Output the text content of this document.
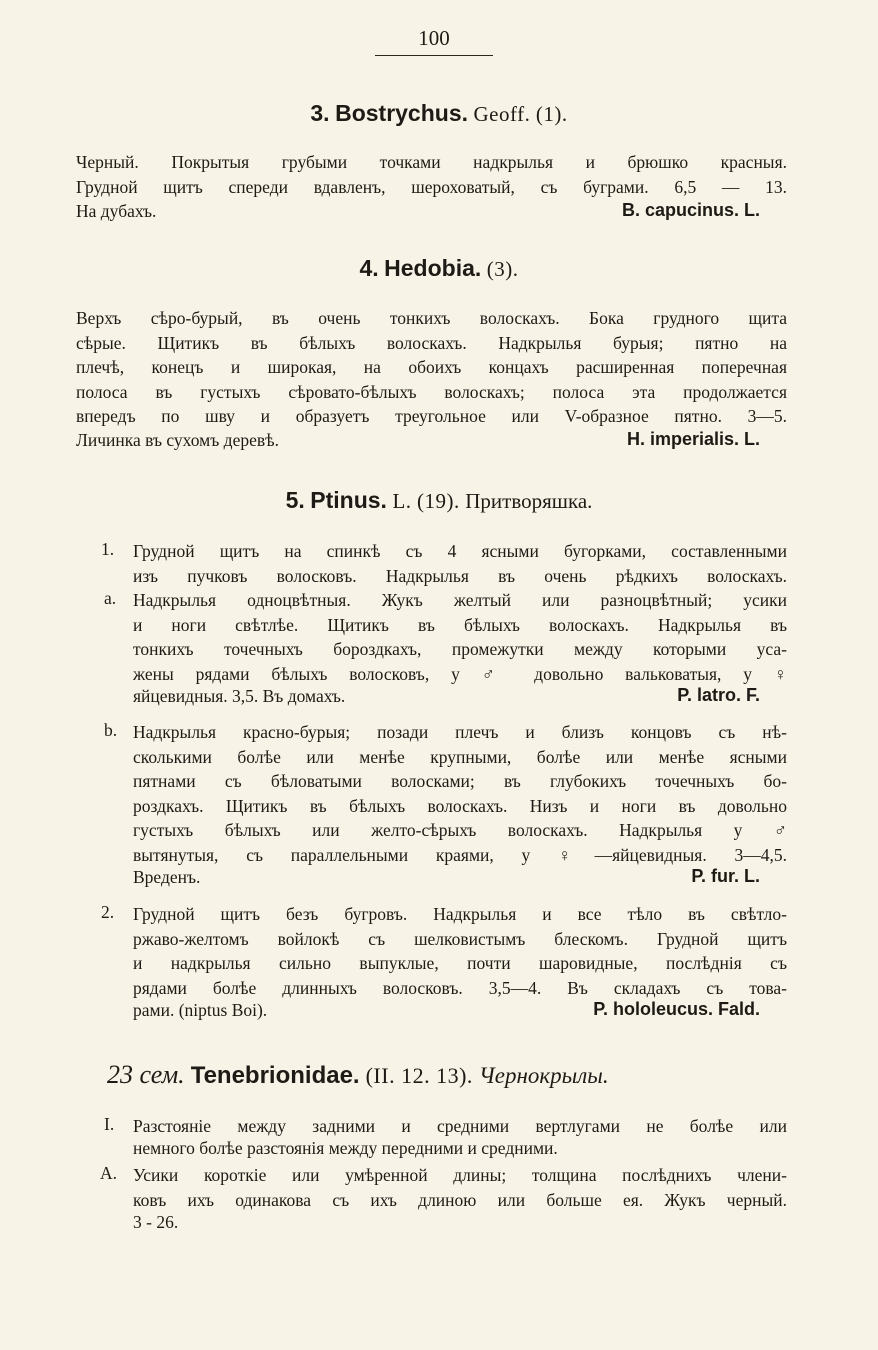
100
3. Bostrychus. Geoff. (1).
Черный. Покрытыя грубыми точками надкрылья и брюшко красныя.
Грудной щитъ спереди вдавленъ, шероховатый, съ буграми. 6,5 — 13.
На дубахъ.	B. capucinus. L.
4. Hedobia. (3).
Верхъ сѣро-бурый, въ очень тонкихъ волоскахъ. Бока грудного щита
сѣрые. Щитикъ въ бѣлыхъ волоскахъ. Надкрылья бурыя; пятно на
плечѣ, конецъ и широкая, на обоихъ концахъ расширенная поперечная
полоса въ густыхъ сѣровато-бѣлыхъ волоскахъ; полоса эта продолжается
впередъ по шву и образуетъ треугольное или V-образное пятно. 3—5.
Личинка въ сухомъ деревѣ.	H. imperialis. L.
5. Ptinus. L. (19). Притворяшка.
1. Грудной щитъ на спинкѣ съ 4 ясными бугорками, составленными
изъ пучковъ волосковъ. Надкрылья въ очень рѣдкихъ волоскахъ.
a. Надкрылья одноцвѣтныя. Жукъ желтый или разноцвѣтный; усики
и ноги свѣтлѣе. Щитикъ въ бѣлыхъ волоскахъ. Надкрылья въ
тонкихъ точечныхъ бороздкахъ, промежутки между которыми уса-
жены рядами бѣлыхъ волосковъ, у ♂ довольно вальковатыя, у ♀
яйцевидныя. 3,5. Въ домахъ.	P. latro. F.
b. Надкрылья красно-бурыя; позади плечъ и близъ концовъ съ нѣ-
сколькими болѣе или менѣе крупными, болѣе или менѣе ясными
пятнами съ бѣловатыми волосками; въ глубокихъ точечныхъ бо-
роздкахъ. Щитикъ въ бѣлыхъ волоскахъ. Низъ и ноги въ довольно
густыхъ бѣлыхъ или желто-сѣрыхъ волоскахъ. Надкрылья у ♂
вытянутыя, съ параллельными краями, у ♀—яйцевидныя. 3—4,5.
Вреденъ.	P. fur. L.
2. Грудной щитъ безъ бугровъ. Надкрылья и все тѣло въ свѣтло-
ржаво-желтомъ войлокѣ съ шелковистымъ блескомъ. Грудной щитъ
и надкрылья сильно выпуклые, почти шаровидные, послѣднія съ
рядами болѣе длинныхъ волосковъ. 3,5—4. Въ складахъ съ това-
рами. (niptus Boi).	P. hololeucus. Fald.
23 сем. Tenebrionidae. (II. 12. 13). Чернокрылы.
I. Разстоянiе между задними и средними вертлугами не болѣе или
немного болѣе разстоянiя между передними и средними.
A. Усики короткiе или умѣренной длины; толщина послѣднихъ члени-
ковъ ихъ одинакова съ ихъ длиною или больше ея. Жукъ черный.
3 - 26.
